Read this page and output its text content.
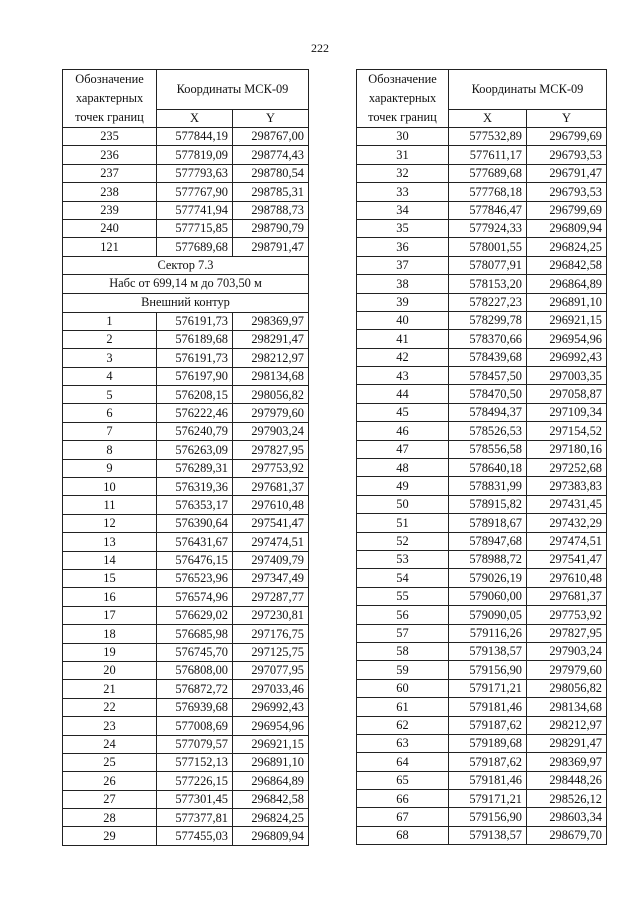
222
Обозначение характерных точек границ	Координаты МСК-09	
	X	Y
235	577844,19	298767,00
236	577819,09	298774,43
237	577793,63	298780,54
238	577767,90	298785,31
239	577741,94	298788,73
240	577715,85	298790,79
121	577689,68	298791,47
Сектор 7.3		
Набс от 699,14 м до 703,50 м		
Внешний контур		
1	576191,73	298369,97
2	576189,68	298291,47
3	576191,73	298212,97
4	576197,90	298134,68
5	576208,15	298056,82
6	576222,46	297979,60
7	576240,79	297903,24
8	576263,09	297827,95
9	576289,31	297753,92
10	576319,36	297681,37
11	576353,17	297610,48
12	576390,64	297541,47
13	576431,67	297474,51
14	576476,15	297409,79
15	576523,96	297347,49
16	576574,96	297287,77
17	576629,02	297230,81
18	576685,98	297176,75
19	576745,70	297125,75
20	576808,00	297077,95
21	576872,72	297033,46
22	576939,68	296992,43
23	577008,69	296954,96
24	577079,57	296921,15
25	577152,13	296891,10
26	577226,15	296864,89
27	577301,45	296842,58
28	577377,81	296824,25
29	577455,03	296809,94
Обозначение характерных точек границ	Координаты МСК-09	
	X	Y
30	577532,89	296799,69
31	577611,17	296793,53
32	577689,68	296791,47
33	577768,18	296793,53
34	577846,47	296799,69
35	577924,33	296809,94
36	578001,55	296824,25
37	578077,91	296842,58
38	578153,20	296864,89
39	578227,23	296891,10
40	578299,78	296921,15
41	578370,66	296954,96
42	578439,68	296992,43
43	578457,50	297003,35
44	578470,50	297058,87
45	578494,37	297109,34
46	578526,53	297154,52
47	578556,58	297180,16
48	578640,18	297252,68
49	578831,99	297383,83
50	578915,82	297431,45
51	578918,67	297432,29
52	578947,68	297474,51
53	578988,72	297541,47
54	579026,19	297610,48
55	579060,00	297681,37
56	579090,05	297753,92
57	579116,26	297827,95
58	579138,57	297903,24
59	579156,90	297979,60
60	579171,21	298056,82
61	579181,46	298134,68
62	579187,62	298212,97
63	579189,68	298291,47
64	579187,62	298369,97
65	579181,46	298448,26
66	579171,21	298526,12
67	579156,90	298603,34
68	579138,57	298679,70
